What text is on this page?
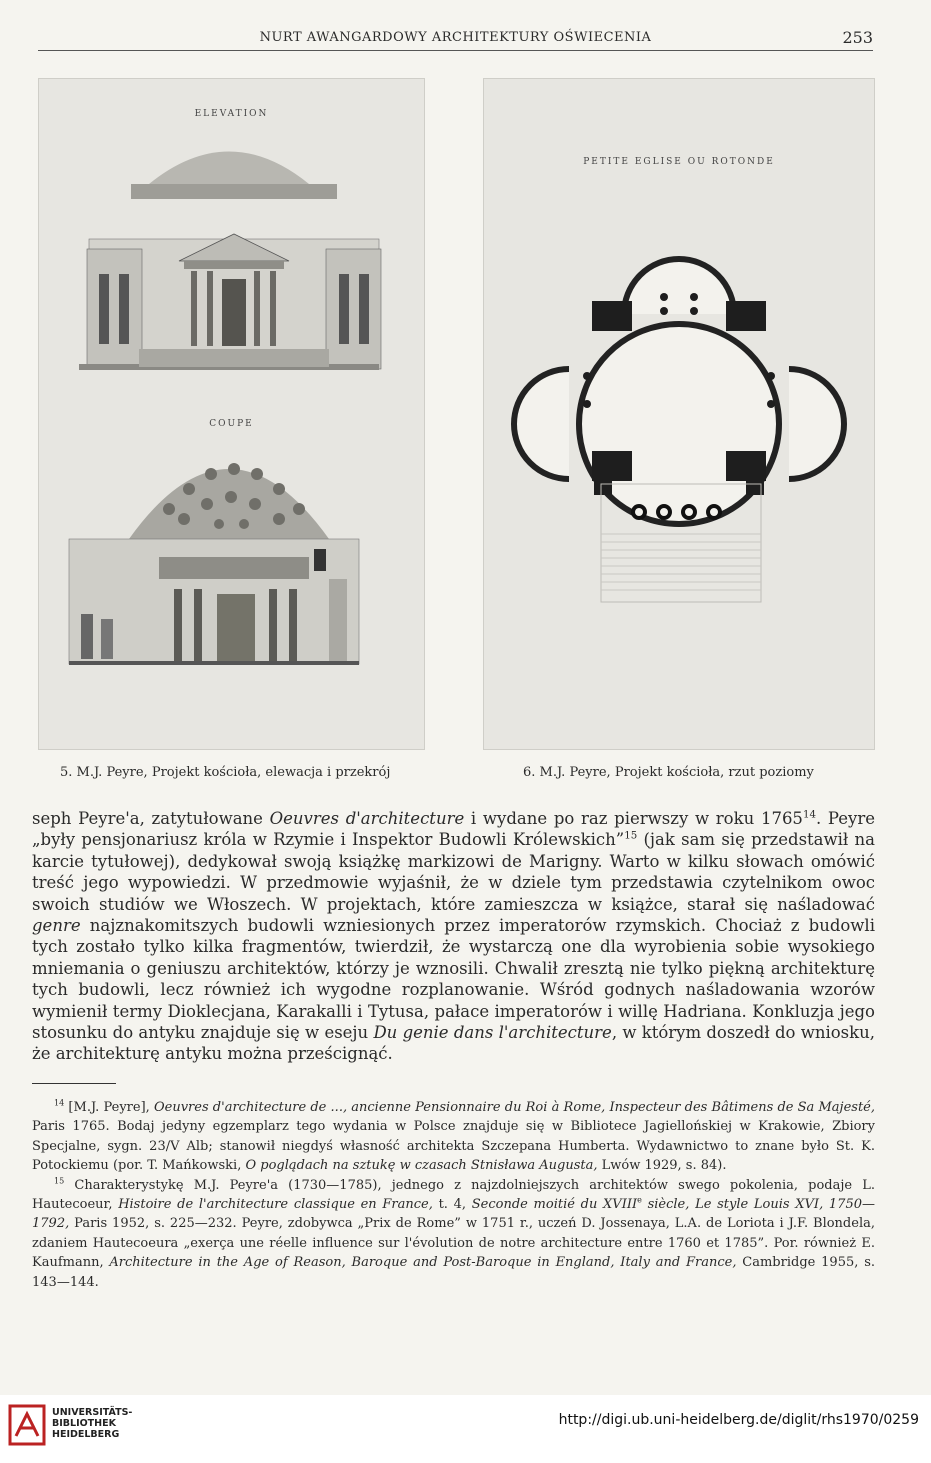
NURT AWANGARDOWY ARCHITEKTURY OŚWIECENIA	253
ELEVATION
COUPE
PETITE EGLISE OU ROTONDE
5. M.J. Peyre, Projekt kościoła, elewacja i przekrój	6. M.J. Peyre, Projekt kościoła, rzut poziomy

seph Peyre'a, zatytułowane Oeuvres d'architecture i wydane po raz pierwszy w roku 1765$^{14}$. Peyre „były pensjonariusz króla w Rzymie i Inspektor Budowli Królewskich”$^{15}$ (jak sam się przedstawił na karcie tytułowej), dedykował swoją książkę markizowi de Marigny. Warto w kilku słowach omówić treść jego wypowiedzi. W przedmowie wyjaśnił, że w dziele tym przedstawia czytelnikom owoc swoich studiów we Włoszech. W projektach, które zamieszcza w książce, starał się naśladować genre najznakomitszych budowli wzniesionych przez imperatorów rzymskich. Chociaż z budowli tych zostało tylko kilka fragmentów, twierdził, że wystarczą one dla wyrobienia sobie wysokiego mniemania o geniuszu architektów, którzy je wznosili. Chwalił zresztą nie tylko piękną architekturę tych budowli, lecz również ich wygodne rozplanowanie. Wśród godnych naśladowania wzorów wymienił termy Dioklecjana, Karakalli i Tytusa, pałace imperatorów i willę Hadriana. Konkluzja jego stosunku do antyku znajduje się w eseju Du genie dans l'architecture, w którym doszedł do wniosku, że architekturę antyku można prześcignąć.

$^{14}$ [M.J. Peyre], Oeuvres d'architecture de ..., ancienne Pensionnaire du Roi à Rome, Inspecteur des Bâtimens de Sa Majesté, Paris 1765. Bodaj jedyny egzemplarz tego wydania w Polsce znajduje się w Bibliotece Jagiellońskiej w Krakowie, Zbiory Specjalne, sygn. 23/V Alb; stanowił niegdyś własność architekta Szczepana Humberta. Wydawnictwo to znane było St. K. Potockiemu (por. T. Mańkowski, O poglądach na sztukę w czasach Stnisława Augusta, Lwów 1929, s. 84).

$^{15}$ Charakterystykę M.J. Peyre'a (1730—1785), jednego z najzdolniejszych architektów swego pokolenia, podaje L. Hautecoeur, Histoire de l'architecture classique en France, t. 4, Seconde moitié du XVIIIe siècle, Le style Louis XVI, 1750—1792, Paris 1952, s. 225—232. Peyre, zdobywca „Prix de Rome” w 1751 r., uczeń D. Jossenaya, L.A. de Loriota i J.F. Blondela, zdaniem Hautecoeura „exerça une réelle influence sur l'évolution de notre architecture entre 1760 et 1785”. Por. również E. Kaufmann, Architecture in the Age of Reason, Baroque and Post-Baroque in England, Italy and France, Cambridge 1955, s. 143—144.

UNIVERSITÄTS-
BIBLIOTHEK
HEIDELBERG
http://digi.ub.uni-heidelberg.de/diglit/rhs1970/0259
